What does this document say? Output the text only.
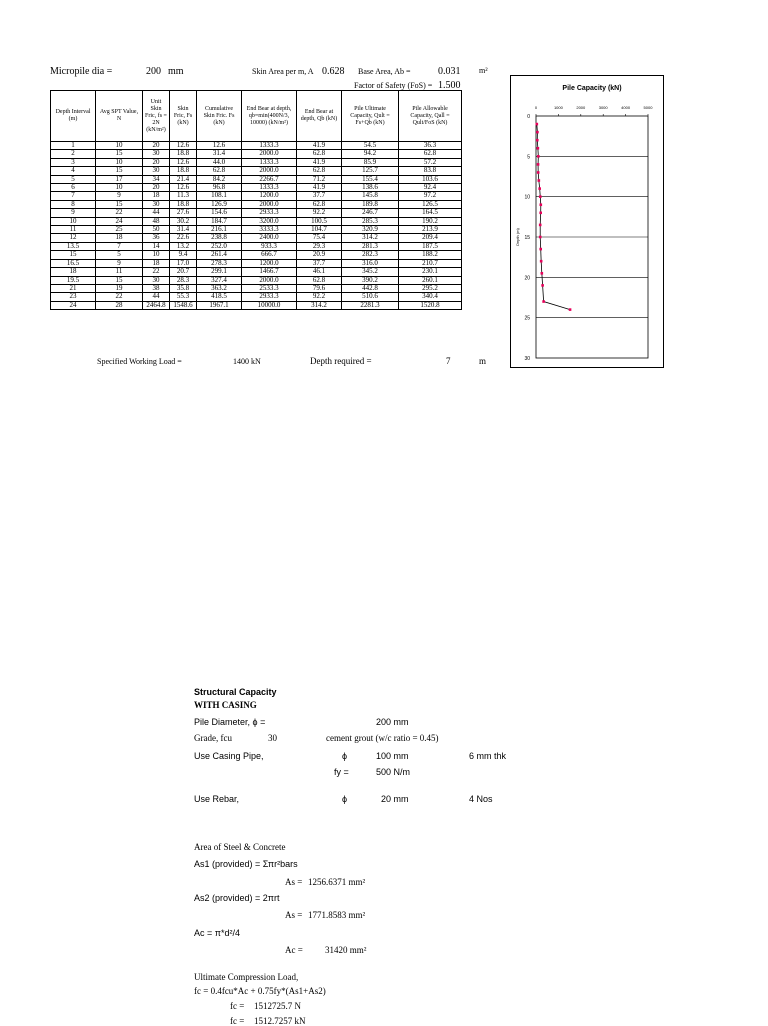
Micropile dia =	200 mm	Skin Area per m, A 0.628 Base Area, Ab =	0.031 m²
Factor of Safety (FoS) = 1.500
Depth Interval (m)	Avg SPT Value, N	Unit Skin Fric, fs = 2N (kN/m²)	Skin Fric, Fs (kN)	Cumulative Skin Fric. Fs (kN)	End Bear at depth, qb=min(400N/3, 10000) (kN/m²)	End Bear at depth, Qb (kN)	Pile Ultimate Capacity, Qult = Fs+Qb (kN)	Pile Allowable Capacity, Qall = Qult/FoS (kN)
1	10	20	12.6	12.6	1333.3	41.9	54.5	36.3
2	15	30	18.8	31.4	2000.0	62.8	94.2	62.8
3	10	20	12.6	44.0	1333.3	41.9	85.9	57.2
4	15	30	18.8	62.8	2000.0	62.8	125.7	83.8
5	17	34	21.4	84.2	2266.7	71.2	155.4	103.6
6	10	20	12.6	96.8	1333.3	41.9	138.6	92.4
7	9	18	11.3	108.1	1200.0	37.7	145.8	97.2
8	15	30	18.8	126.9	2000.0	62.8	189.8	126.5
9	22	44	27.6	154.6	2933.3	92.2	246.7	164.5
10	24	48	30.2	184.7	3200.0	100.5	285.3	190.2
11	25	50	31.4	216.1	3333.3	104.7	320.9	213.9
12	18	36	22.6	238.8	2400.0	75.4	314.2	209.4
13.5	7	14	13.2	252.0	933.3	29.3	281.3	187.5
15	5	10	9.4	261.4	666.7	20.9	282.3	188.2
16.5	9	18	17.0	278.3	1200.0	37.7	316.0	210.7
18	11	22	20.7	299.1	1466.7	46.1	345.2	230.1
19.5	15	30	28.3	327.4	2000.0	62.8	390.2	260.1
21	19	38	35.8	363.2	2533.3	79.6	442.8	295.2
23	22	44	55.3	418.5	2933.3	92.2	510.6	340.4
24	28	2464.8	1548.6	1967.1	10000.0	314.2	2281.3	1520.8
Specified Working Load =	1400 kN	Depth required =	7	m
Pile Capacity (kN)
0
5
10
15
20
25
30
0	1000	2000	3000	4000	5000
Depth (m)
Structural Capacity
WITH CASING
Pile Diameter, ϕ =	200 mm
Grade, fcu	30	cement grout (w/c ratio = 0.45)
Use Casing Pipe,	ϕ	100 mm	6 mm thk
fy =	500 N/m
Use Rebar,	ϕ	20 mm	4 Nos
Area of Steel & Concrete
As1 (provided) = Σπr²bars
As = 1256.6371 mm²
As2 (provided) = 2πrt
As = 1771.8583 mm²
Ac = π*d²/4
Ac = 31420 mm²
Ultimate Compression Load,
fc = 0.4fcu*Ac + 0.75fy*(As1+As2)
fc = 1512725.7 N
fc = 1512.7257 kN
